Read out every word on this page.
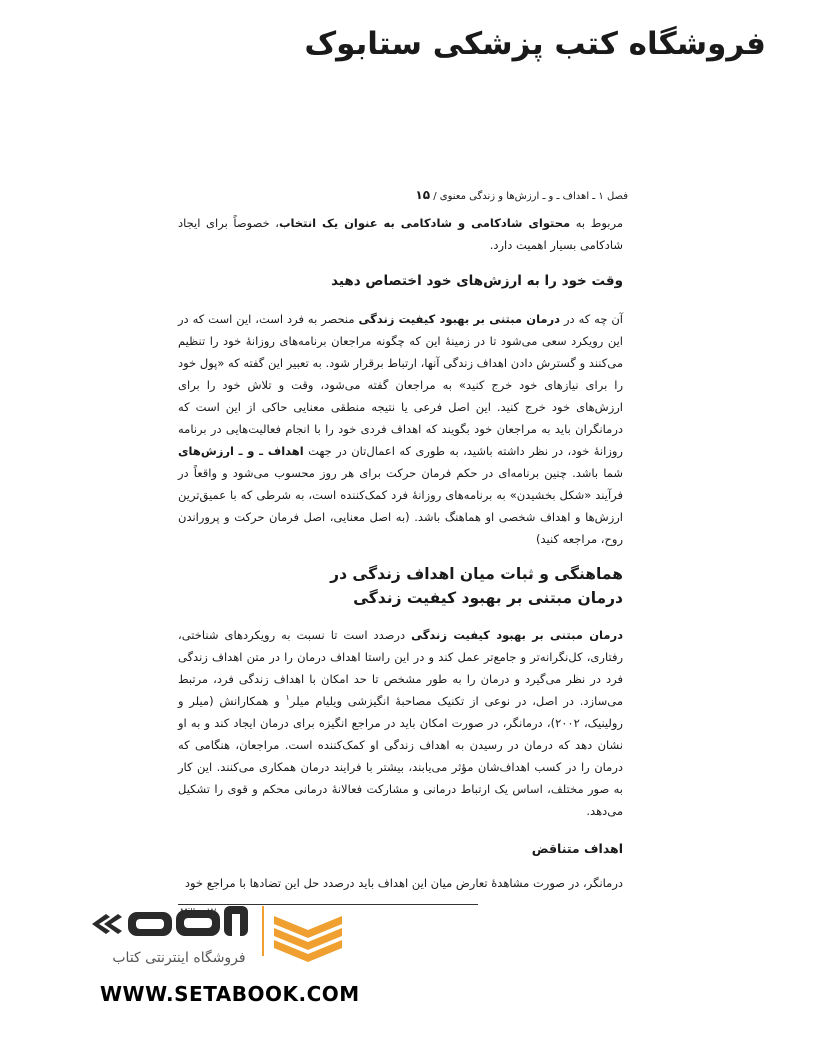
فروشگاه کتب پزشکی ستابوک
فصل ۱ ـ اهداف ـ و ـ ارزش‌ها و زندگی معنوی / ۱۵

مربوط به محتوای شادکامی و شادکامی به عنوان یک انتخاب، خصوصاً برای ایجاد شادکامی بسیار اهمیت دارد.

وقت خود را به ارزش‌های خود اختصاص دهید

آن چه که در درمان مبتنی بر بهبود کیفیت زندگی منحصر به فرد است، این است که در این رویکرد سعی می‌شود تا در زمینهٔ این که چگونه مراجعان برنامه‌های روزانهٔ خود را تنظیم می‌کنند و گسترش دادن اهداف زندگی آنها، ارتباط برقرار شود. به تعبیر این گفته که «پول خود را برای نیازهای خود خرج کنید» به مراجعان گفته می‌شود، وقت و تلاش خود را برای ارزش‌های خود خرج کنید. این اصل فرعی یا نتیجه منطقی معنایی حاکی از این است که درمانگران باید به مراجعان خود بگویند که اهداف فردی خود را با انجام فعالیت‌هایی در برنامه روزانهٔ خود، در نظر داشته باشید، به طوری که اعمال‌تان در جهت اهداف ـ و ـ ارزش‌های شما باشد. چنین برنامه‌ای در حکم فرمان حرکت برای هر روز محسوب می‌شود و واقعاً در فرآیند «شکل بخشیدن» به برنامه‌های روزانهٔ فرد کمک‌کننده است، به شرطی که با عمیق‌ترین ارزش‌ها و اهداف شخصی او هماهنگ باشد. (به اصل معنایی، اصل فرمان حرکت و پروراندن روح، مراجعه کنید)

هماهنگی و ثبات میان اهداف زندگی در
درمان مبتنی بر بهبود کیفیت زندگی

درمان مبتنی بر بهبود کیفیت زندگی درصدد است تا نسبت به رویکردهای شناختی، رفتاری، کل‌نگرانه‌تر و جامع‌تر عمل کند و در این راستا اهداف درمان را در متن اهداف زندگی فرد در نظر می‌گیرد و درمان را به طور مشخص تا حد امکان با اهداف زندگی فرد، مرتبط می‌سازد. در اصل، در نوعی از تکنیک مصاحبهٔ انگیزشی ویلیام میلر$^۱$ و همکارانش (میلر و رولینیک، ۲۰۰۲)، درمانگر، در صورت امکان باید در مراجع انگیزه برای درمان ایجاد کند و به او نشان دهد که درمان در رسیدن به اهداف زندگی او کمک‌کننده است. مراجعان، هنگامی که درمان را در کسب اهداف‌شان مؤثر می‌یابند، بیشتر با فرایند درمان همکاری می‌کنند. این کار به صور مختلف، اساس یک ارتباط درمانی و مشارکت فعالانهٔ درمانی محکم و قوی را تشکیل می‌دهد.

اهداف متناقض

درمانگر، در صورت مشاهدهٔ تعارض میان این اهداف باید درصدد حل این تضادها با مراجع خود

فروشگاه اینترنتی کتاب
WWW.SETABOOK.COM
